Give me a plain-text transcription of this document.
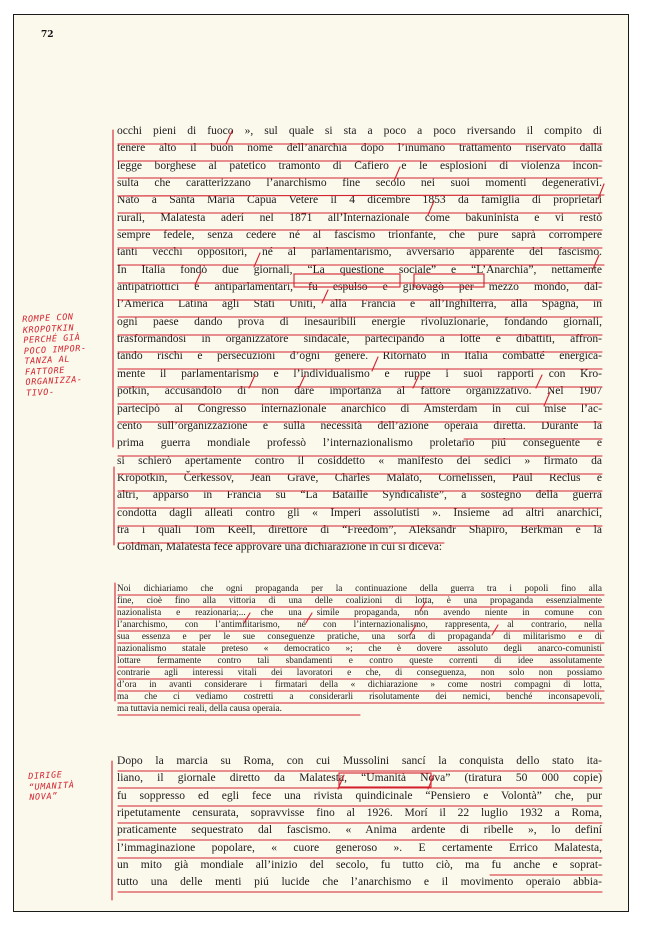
72
occhi pieni di fuoco », sul quale si sta a poco a poco riversando il compito di
tenere alto il buon nome dell’anarchia dopo l’inumano trattamento riservato dalla
legge borghese al patetico tramonto di Cafiero e le esplosioni di violenza incon-
sulta che caratterizzano l’anarchismo fine secolo nei suoi momenti degenerativi.
Nato a Santa Maria Capua Vetere il 4 dicembre 1853 da famiglia di proprietari
rurali, Malatesta aderí nel 1871 all’Internazionale come bakuninista e vi restò
sempre fedele, senza cedere né al fascismo trionfante, che pure saprà corrompere
tanti vecchi oppositori, né al parlamentarismo, avversario apparente del fascismo.
In Italia fondò due giornali, “La questione sociale” e “L’Anarchia”, nettamente
antipatriottici e antiparlamentari, fu espulso e girovagò per mezzo mondo, dal-
l’America Latina agli Stati Uniti, alla Francia e all’Inghilterra, alla Spagna, in
ogni paese dando prova di inesauribili energie rivoluzionarie, fondando giornali,
trasformandosi in organizzatore sindacale, partecipando a lotte e dibattiti, affron-
tando rischi e persecuzioni d’ogni genere. Ritornato in Italia combatté energica-
mente il parlamentarismo e l’individualismo e ruppe i suoi rapporti con Kro-
potkin, accusandolo di non dare importanza al fattore organizzativo. Nel 1907
partecipò al Congresso internazionale anarchico di Amsterdam in cui mise l’ac-
cento sull’organizzazione e sulla necessità dell’azione operaia diretta. Durante la
prima guerra mondiale professò l’internazionalismo proletario piú conseguente e
si schierò apertamente contro il cosiddetto « manifesto dei sedici » firmato da
Kropotkin, Čerkessov, Jean Grave, Charles Malato, Cornelissen, Paul Reclus e
altri, apparso in Francia su “La Bataille Syndicaliste”, a sostegno della guerra
condotta dagli alleati contro gli « Imperi assolutisti ». Insieme ad altri anarchici,
tra i quali Tom Keell, direttore di “Freedom”, Aleksandr Shapiro, Berkman e la
Goldman, Malatesta fece approvare una dichiarazione in cui si diceva:
Noi dichiariamo che ogni propaganda per la continuazione della guerra tra i popoli fino alla
fine, cioè fino alla vittoria di una delle coalizioni di lotta, è una propaganda essenzialmente
nazionalista e reazionaria;... che una simile propaganda, non avendo niente in comune con
l’anarchismo, con l’antimilitarismo, né con l’internazionalismo, rappresenta, al contrario, nella
sua essenza e per le sue conseguenze pratiche, una sorta di propaganda di militarismo e di
nazionalismo statale preteso « democratico »; che è dovere assoluto degli anarco-comunisti
lottare fermamente contro tali sbandamenti e contro queste correnti di idee assolutamente
contrarie agli interessi vitali dei lavoratori e che, di conseguenza, non solo non possiamo
d’ora in avanti considerare i firmatari della « dichiarazione » come nostri compagni di lotta,
ma che ci vediamo costretti a considerarli risolutamente dei nemici, benché inconsapevoli,
ma tuttavia nemici reali, della causa operaia.
Dopo la marcia su Roma, con cui Mussolini sancí la conquista dello stato ita-
liano, il giornale diretto da Malatesta, “Umanità Nova” (tiratura 50 000 copie)
fu soppresso ed egli fece una rivista quindicinale “Pensiero e Volontà” che, pur
ripetutamente censurata, sopravvisse fino al 1926. Morí il 22 luglio 1932 a Roma,
praticamente sequestrato dal fascismo. « Anima ardente di ribelle », lo definí
l’immaginazione popolare, « cuore generoso ». E certamente Errico Malatesta,
un mito già mondiale all’inizio del secolo, fu tutto ciò, ma fu anche e soprat-
tutto una delle menti piú lucide che l’anarchismo e il movimento operaio abbia-
ROMPE CON
KROPOTKIN
PERCHÉ GIÀ
POCO IMPOR-
TANZA AL
FATTORE
ORGANIZZA-
TIVO-
DIRIGE
“UMANITÀ
NOVA”
